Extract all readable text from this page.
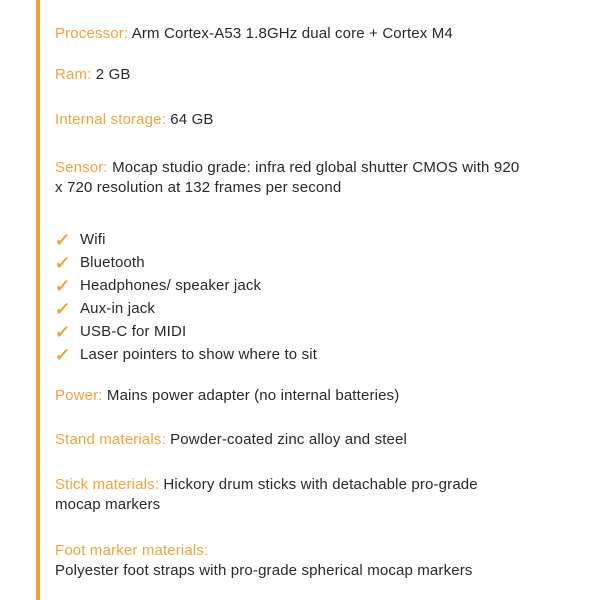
Processor: Arm Cortex-A53 1.8GHz dual core + Cortex M4
Ram: 2 GB
Internal storage: 64 GB
Sensor: Mocap studio grade: infra red global shutter CMOS with 920 x 720 resolution at 132 frames per second
✓ Wifi
✓ Bluetooth
✓ Headphones/ speaker jack
✓ Aux-in jack
✓ USB-C for MIDI
✓ Laser pointers to show where to sit
Power: Mains power adapter (no internal batteries)
Stand materials: Powder-coated zinc alloy and steel
Stick materials: Hickory drum sticks with detachable pro-grade mocap markers
Foot marker materials:
Polyester foot straps with pro-grade spherical mocap markers
